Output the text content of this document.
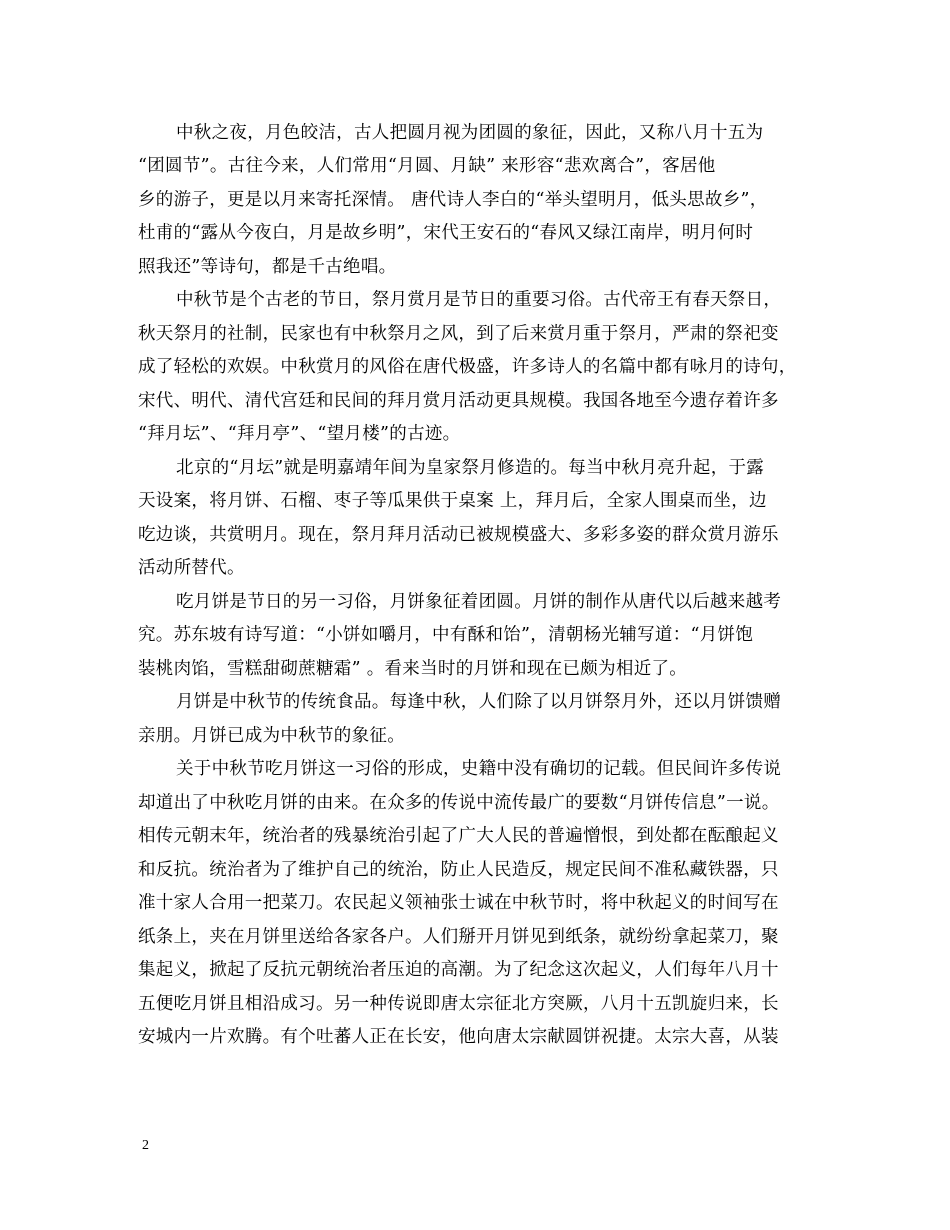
中秋之夜，月色皎洁，古人把圆月视为团圆的象征，因此，又称八月十五为
“团圆节”。古往今来，人们常用“月圆、月缺” 来形容“悲欢离合”，客居他
乡的游子，更是以月来寄托深情。 唐代诗人李白的“举头望明月，低头思故乡”，
杜甫的“露从今夜白，月是故乡明”，宋代王安石的“春风又绿江南岸，明月何时
照我还”等诗句，都是千古绝唱。
中秋节是个古老的节日，祭月赏月是节日的重要习俗。古代帝王有春天祭日，
秋天祭月的社制，民家也有中秋祭月之风，到了后来赏月重于祭月，严肃的祭祀变
成了轻松的欢娱。中秋赏月的风俗在唐代极盛，许多诗人的名篇中都有咏月的诗句，
宋代、明代、清代宫廷和民间的拜月赏月活动更具规模。我国各地至今遗存着许多
“拜月坛”、“拜月亭”、“望月楼”的古迹。
北京的“月坛”就是明嘉靖年间为皇家祭月修造的。每当中秋月亮升起，于露
天设案，将月饼、石榴、枣子等瓜果供于桌案 上，拜月后，全家人围桌而坐，边
吃边谈，共赏明月。现在，祭月拜月活动已被规模盛大、多彩多姿的群众赏月游乐
活动所替代。
吃月饼是节日的另一习俗，月饼象征着团圆。月饼的制作从唐代以后越来越考
究。苏东坡有诗写道：“小饼如嚼月，中有酥和饴”，清朝杨光辅写道：“月饼饱
装桃肉馅，雪糕甜砌蔗糖霜” 。看来当时的月饼和现在已颇为相近了。
月饼是中秋节的传统食品。每逢中秋，人们除了以月饼祭月外，还以月饼馈赠
亲朋。月饼已成为中秋节的象征。
关于中秋节吃月饼这一习俗的形成，史籍中没有确切的记载。但民间许多传说
却道出了中秋吃月饼的由来。在众多的传说中流传最广的要数“月饼传信息”一说。
相传元朝末年，统治者的残暴统治引起了广大人民的普遍憎恨，到处都在酝酿起义
和反抗。统治者为了维护自己的统治，防止人民造反，规定民间不准私藏铁器，只
准十家人合用一把菜刀。农民起义领袖张士诚在中秋节时，将中秋起义的时间写在
纸条上，夹在月饼里送给各家各户。人们掰开月饼见到纸条，就纷纷拿起菜刀，聚
集起义，掀起了反抗元朝统治者压迫的高潮。为了纪念这次起义，人们每年八月十
五便吃月饼且相沿成习。另一种传说即唐太宗征北方突厥，八月十五凯旋归来，长
安城内一片欢腾。有个吐蕃人正在长安，他向唐太宗献圆饼祝捷。太宗大喜，从装
2
